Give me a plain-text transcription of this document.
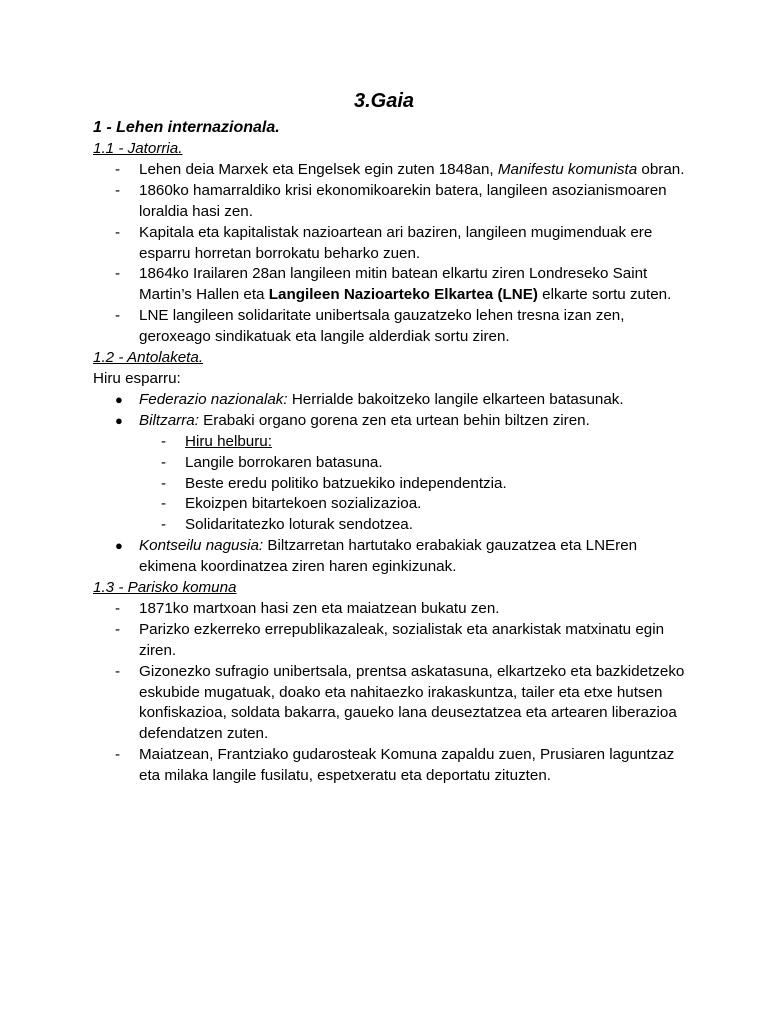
3.Gaia
1 - Lehen internazionala.
1.1 - Jatorria.
- Lehen deia Marxek eta Engelsek egin zuten 1848an, Manifestu komunista obran.
- 1860ko hamarraldiko krisi ekonomikoarekin batera, langileen asozianismoaren loraldia hasi zen.
- Kapitala eta kapitalistak nazioartean ari baziren, langileen mugimenduak ere esparru horretan borrokatu beharko zuen.
- 1864ko Irailaren 28an langileen mitin batean elkartu ziren Londreseko Saint Martin’s Hallen eta Langileen Nazioarteko Elkartea (LNE) elkarte sortu zuten.
- LNE langileen solidaritate unibertsala gauzatzeko lehen tresna izan zen, geroxeago sindikatuak eta langile alderdiak sortu ziren.
1.2 - Antolaketa.
Hiru esparru:
● Federazio nazionalak: Herrialde bakoitzeko langile elkarteen batasunak.
● Biltzarra: Erabaki organo gorena zen eta urtean behin biltzen ziren.
- Hiru helburu:
- Langile borrokaren batasuna.
- Beste eredu politiko batzuekiko independentzia.
- Ekoizpen bitartekoen sozializazioa.
- Solidaritatezko loturak sendotzea.
● Kontseilu nagusia: Biltzarretan hartutako erabakiak gauzatzea eta LNEren ekimena koordinatzea ziren haren eginkizunak.
1.3 - Parisko komuna
- 1871ko martxoan hasi zen eta maiatzean bukatu zen.
- Parizko ezkerreko errepublikazaleak, sozialistak eta anarkistak matxinatu egin ziren.
- Gizonezko sufragio unibertsala, prentsa askatasuna, elkartzeko eta bazkidetzeko eskubide mugatuak, doako eta nahitaezko irakaskuntza, tailer eta etxe hutsen konfiskazioa, soldata bakarra, gaueko lana deuseztatzea eta artearen liberazioa defendatzen zuten.
- Maiatzean, Frantziako gudarosteak Komuna zapaldu zuen, Prusiaren laguntzaz eta milaka langile fusilatu, espetxeratu eta deportatu zituzten.
